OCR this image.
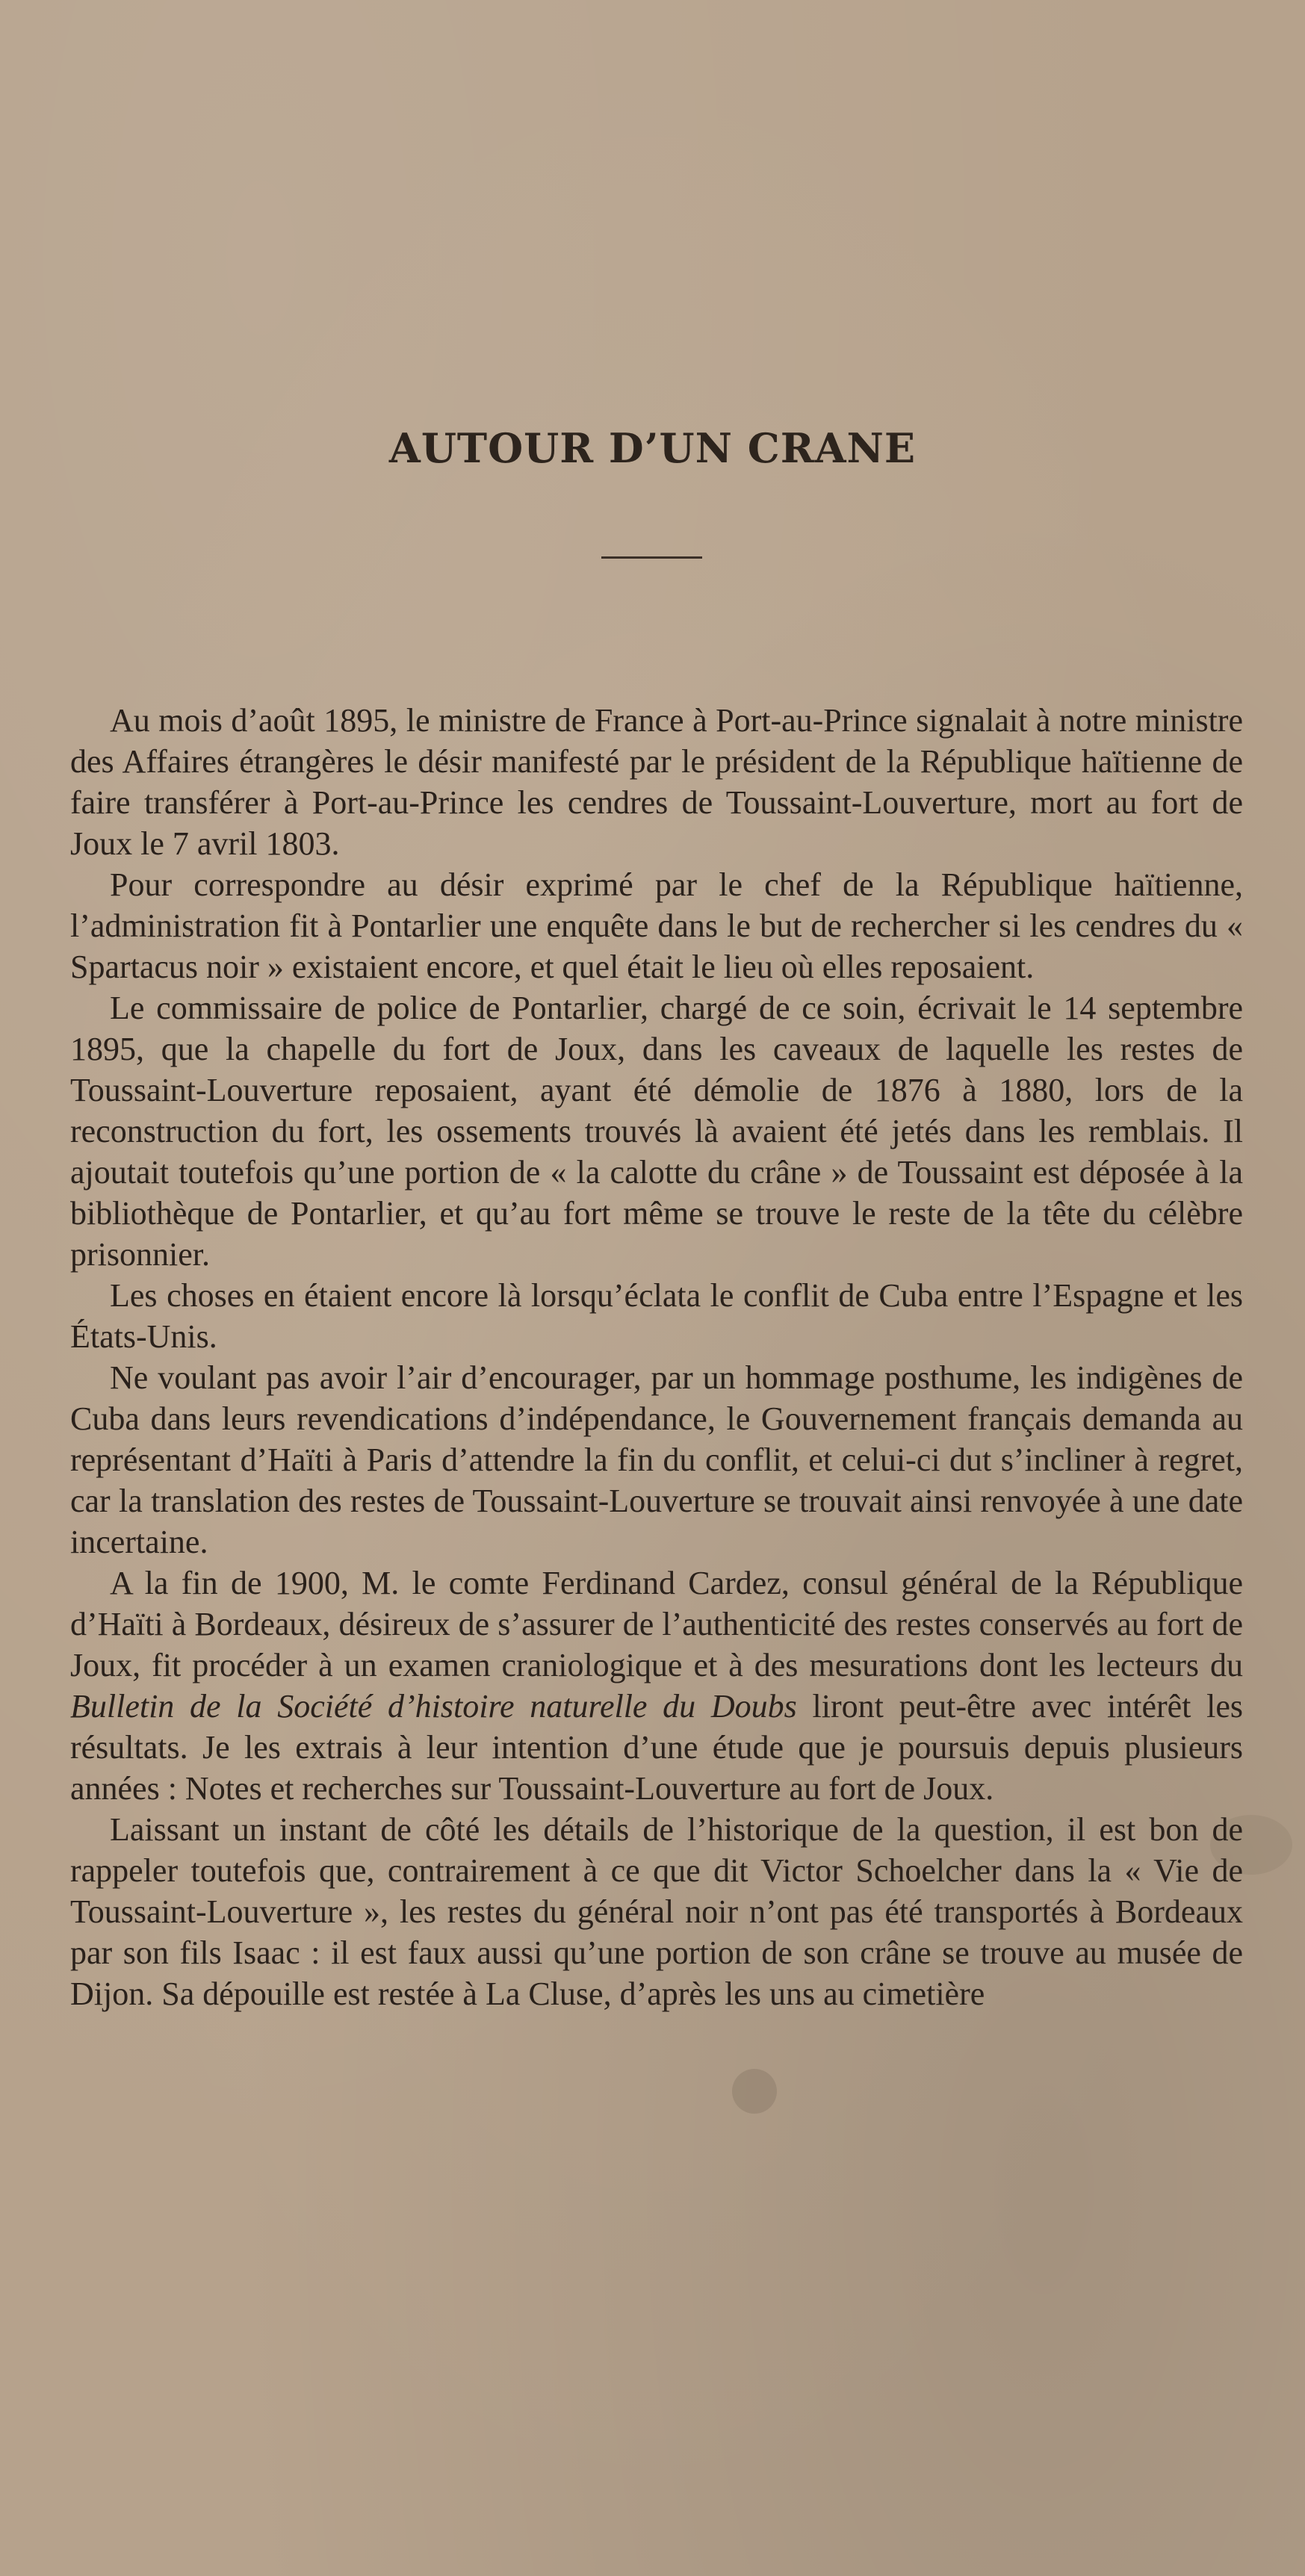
AUTOUR D’UN CRANE

Au mois d’août 1895, le ministre de France à Port-au-Prince signalait à notre ministre des Affaires étrangères le désir manifesté par le président de la République haïtienne de faire transférer à Port-au-Prince les cendres de Toussaint-Louverture, mort au fort de Joux le 7 avril 1803.

Pour correspondre au désir exprimé par le chef de la République haïtienne, l’administration fit à Pontarlier une enquête dans le but de rechercher si les cendres du « Spartacus noir » existaient encore, et quel était le lieu où elles reposaient.

Le commissaire de police de Pontarlier, chargé de ce soin, écrivait le 14 septembre 1895, que la chapelle du fort de Joux, dans les caveaux de laquelle les restes de Toussaint-Louverture reposaient, ayant été démolie de 1876 à 1880, lors de la reconstruction du fort, les ossements trouvés là avaient été jetés dans les remblais. Il ajoutait toutefois qu’une portion de « la calotte du crâne » de Toussaint est déposée à la bibliothèque de Pontarlier, et qu’au fort même se trouve le reste de la tête du célèbre prisonnier.

Les choses en étaient encore là lorsqu’éclata le conflit de Cuba entre l’Espagne et les États-Unis.

Ne voulant pas avoir l’air d’encourager, par un hommage posthume, les indigènes de Cuba dans leurs revendications d’indépendance, le Gouvernement français demanda au représentant d’Haïti à Paris d’attendre la fin du conflit, et celui-ci dut s’incliner à regret, car la translation des restes de Toussaint-Louverture se trouvait ainsi renvoyée à une date incertaine.

A la fin de 1900, M. le comte Ferdinand Cardez, consul général de la République d’Haïti à Bordeaux, désireux de s’assurer de l’authenticité des restes conservés au fort de Joux, fit procéder à un examen craniologique et à des mesurations dont les lecteurs du Bulletin de la Société d’histoire naturelle du Doubs liront peut-être avec intérêt les résultats. Je les extrais à leur intention d’une étude que je poursuis depuis plusieurs années : Notes et recherches sur Toussaint-Louverture au fort de Joux.

Laissant un instant de côté les détails de l’historique de la question, il est bon de rappeler toutefois que, contrairement à ce que dit Victor Schoelcher dans la « Vie de Toussaint-Louverture », les restes du général noir n’ont pas été transportés à Bordeaux par son fils Isaac : il est faux aussi qu’une portion de son crâne se trouve au musée de Dijon. Sa dépouille est restée à La Cluse, d’après les uns au cimetière
